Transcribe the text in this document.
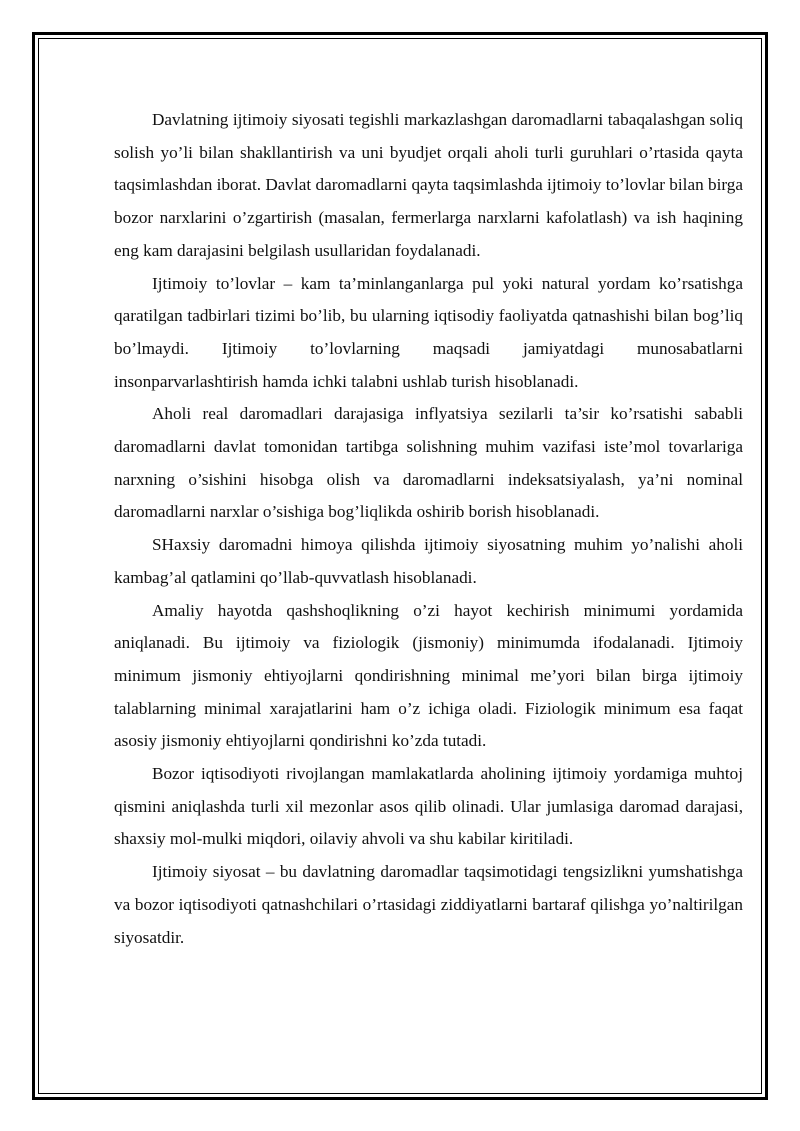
Davlatning ijtimoiy siyosati tegishli markazlashgan daromadlarni tabaqalashgan soliq solish yo’li bilan shakllantirish va uni byudjet orqali aholi turli guruhlari o’rtasida qayta taqsimlashdan iborat. Davlat daromadlarni qayta taqsimlashda ijtimoiy to’lovlar bilan birga bozor narxlarini o’zgartirish (masalan, fermerlarga narxlarni kafolatlash) va ish haqining eng kam darajasini belgilash usullaridan foydalanadi.

Ijtimoiy to’lovlar – kam ta’minlanganlarga pul yoki natural yordam ko’rsatishga qaratilgan tadbirlari tizimi bo’lib, bu ularning iqtisodiy faoliyatda qatnashishi bilan bog’liq bo’lmaydi. Ijtimoiy to’lovlarning maqsadi jamiyatdagi munosabatlarni insonparvarlashtirish hamda ichki talabni ushlab turish hisoblanadi.

Aholi real daromadlari darajasiga inflyatsiya sezilarli ta’sir ko’rsatishi sababli daromadlarni davlat tomonidan tartibga solishning muhim vazifasi iste’mol tovarlariga narxning o’sishini hisobga olish va daromadlarni indeksatsiyalash, ya’ni nominal daromadlarni narxlar o’sishiga bog’liqlikda oshirib borish hisoblanadi.

SHaxsiy daromadni himoya qilishda ijtimoiy siyosatning muhim yo’nalishi aholi kambag’al qatlamini qo’llab-quvvatlash hisoblanadi.

Amaliy hayotda qashshoqlikning o’zi hayot kechirish minimumi yordamida aniqlanadi. Bu ijtimoiy va fiziologik (jismoniy) minimumda ifodalanadi. Ijtimoiy minimum jismoniy ehtiyojlarni qondirishning minimal me’yori bilan birga ijtimoiy talablarning minimal xarajatlarini ham o’z ichiga oladi. Fiziologik minimum esa faqat asosiy jismoniy ehtiyojlarni qondirishni ko’zda tutadi.

Bozor iqtisodiyoti rivojlangan mamlakatlarda aholining ijtimoiy yordamiga muhtoj qismini aniqlashda turli xil mezonlar asos qilib olinadi. Ular jumlasiga daromad darajasi, shaxsiy mol-mulki miqdori, oilaviy ahvoli va shu kabilar kiritiladi.

Ijtimoiy siyosat – bu davlatning daromadlar taqsimotidagi tengsizlikni yumshatishga va bozor iqtisodiyoti qatnashchilari o’rtasidagi ziddiyatlarni bartaraf qilishga yo’naltirilgan siyosatdir.
